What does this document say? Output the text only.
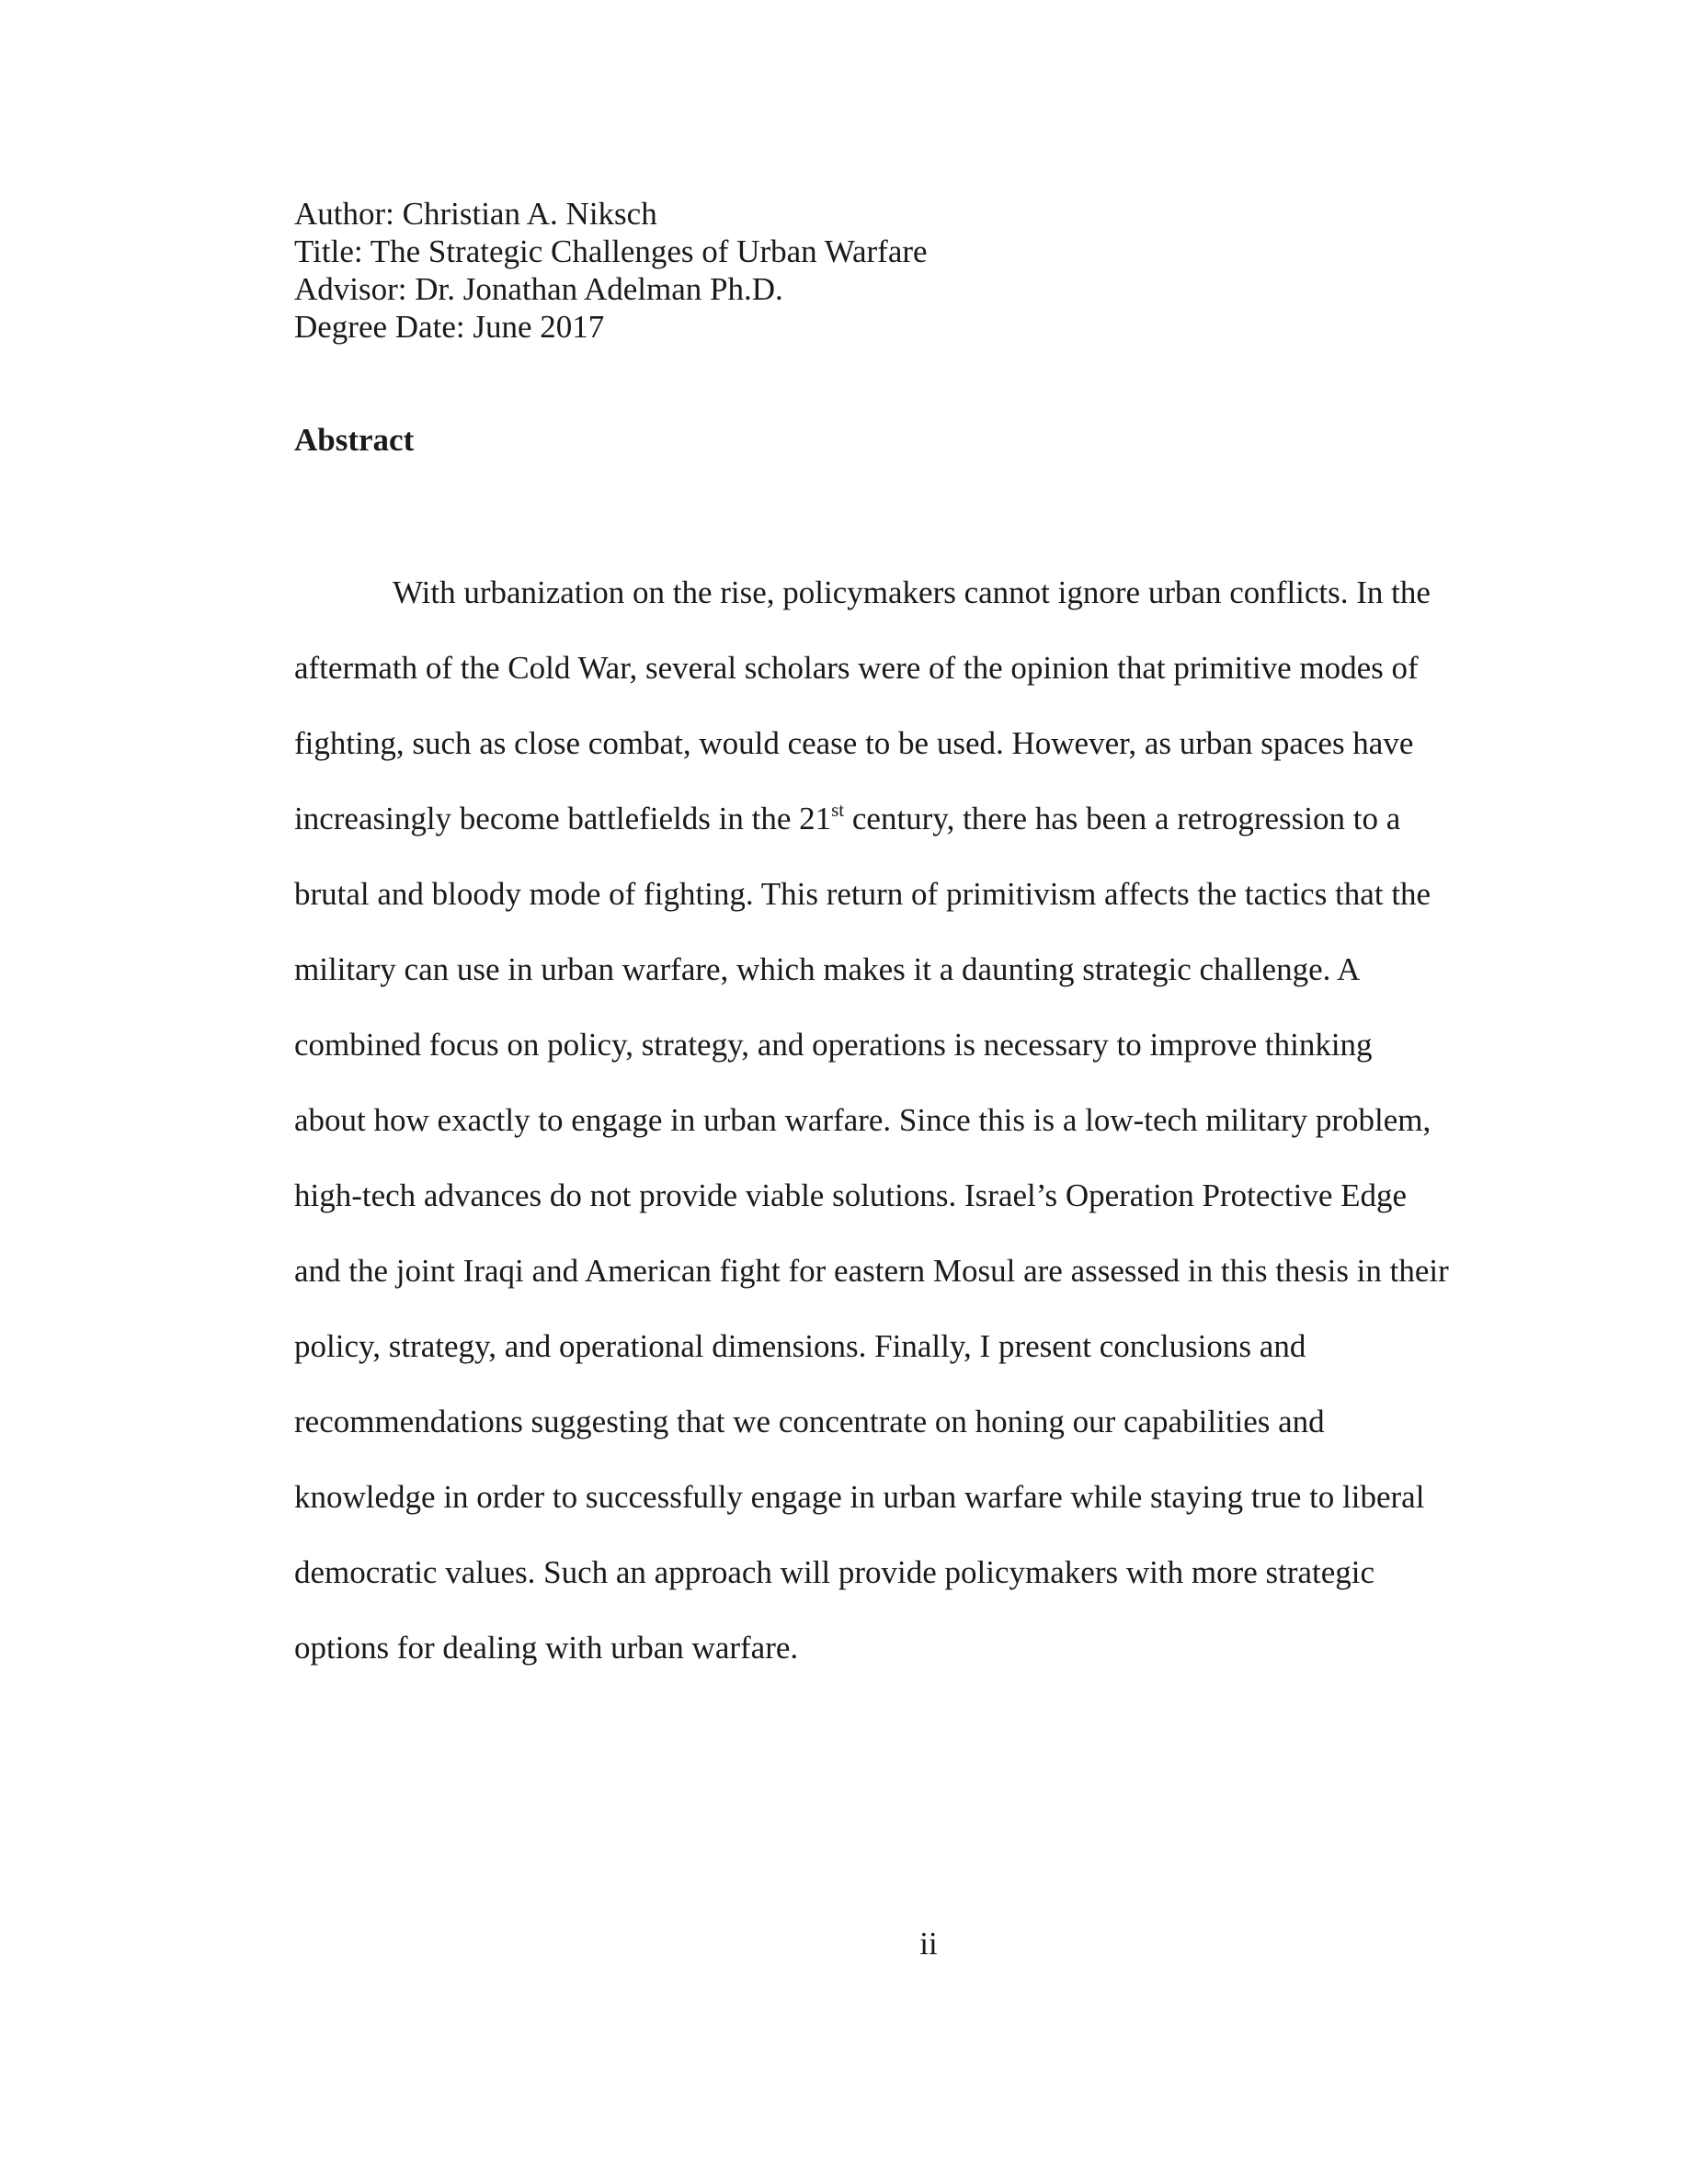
Author: Christian A. Niksch
Title: The Strategic Challenges of Urban Warfare
Advisor: Dr. Jonathan Adelman Ph.D.
Degree Date: June 2017
Abstract
With urbanization on the rise, policymakers cannot ignore urban conflicts. In the
aftermath of the Cold War, several scholars were of the opinion that primitive modes of
fighting, such as close combat, would cease to be used. However, as urban spaces have
increasingly become battlefields in the 21st century, there has been a retrogression to a
brutal and bloody mode of fighting. This return of primitivism affects the tactics that the
military can use in urban warfare, which makes it a daunting strategic challenge. A
combined focus on policy, strategy, and operations is necessary to improve thinking
about how exactly to engage in urban warfare. Since this is a low-tech military problem,
high-tech advances do not provide viable solutions. Israel’s Operation Protective Edge
and the joint Iraqi and American fight for eastern Mosul are assessed in this thesis in their
policy, strategy, and operational dimensions. Finally, I present conclusions and
recommendations suggesting that we concentrate on honing our capabilities and
knowledge in order to successfully engage in urban warfare while staying true to liberal
democratic values. Such an approach will provide policymakers with more strategic
options for dealing with urban warfare.
ii
